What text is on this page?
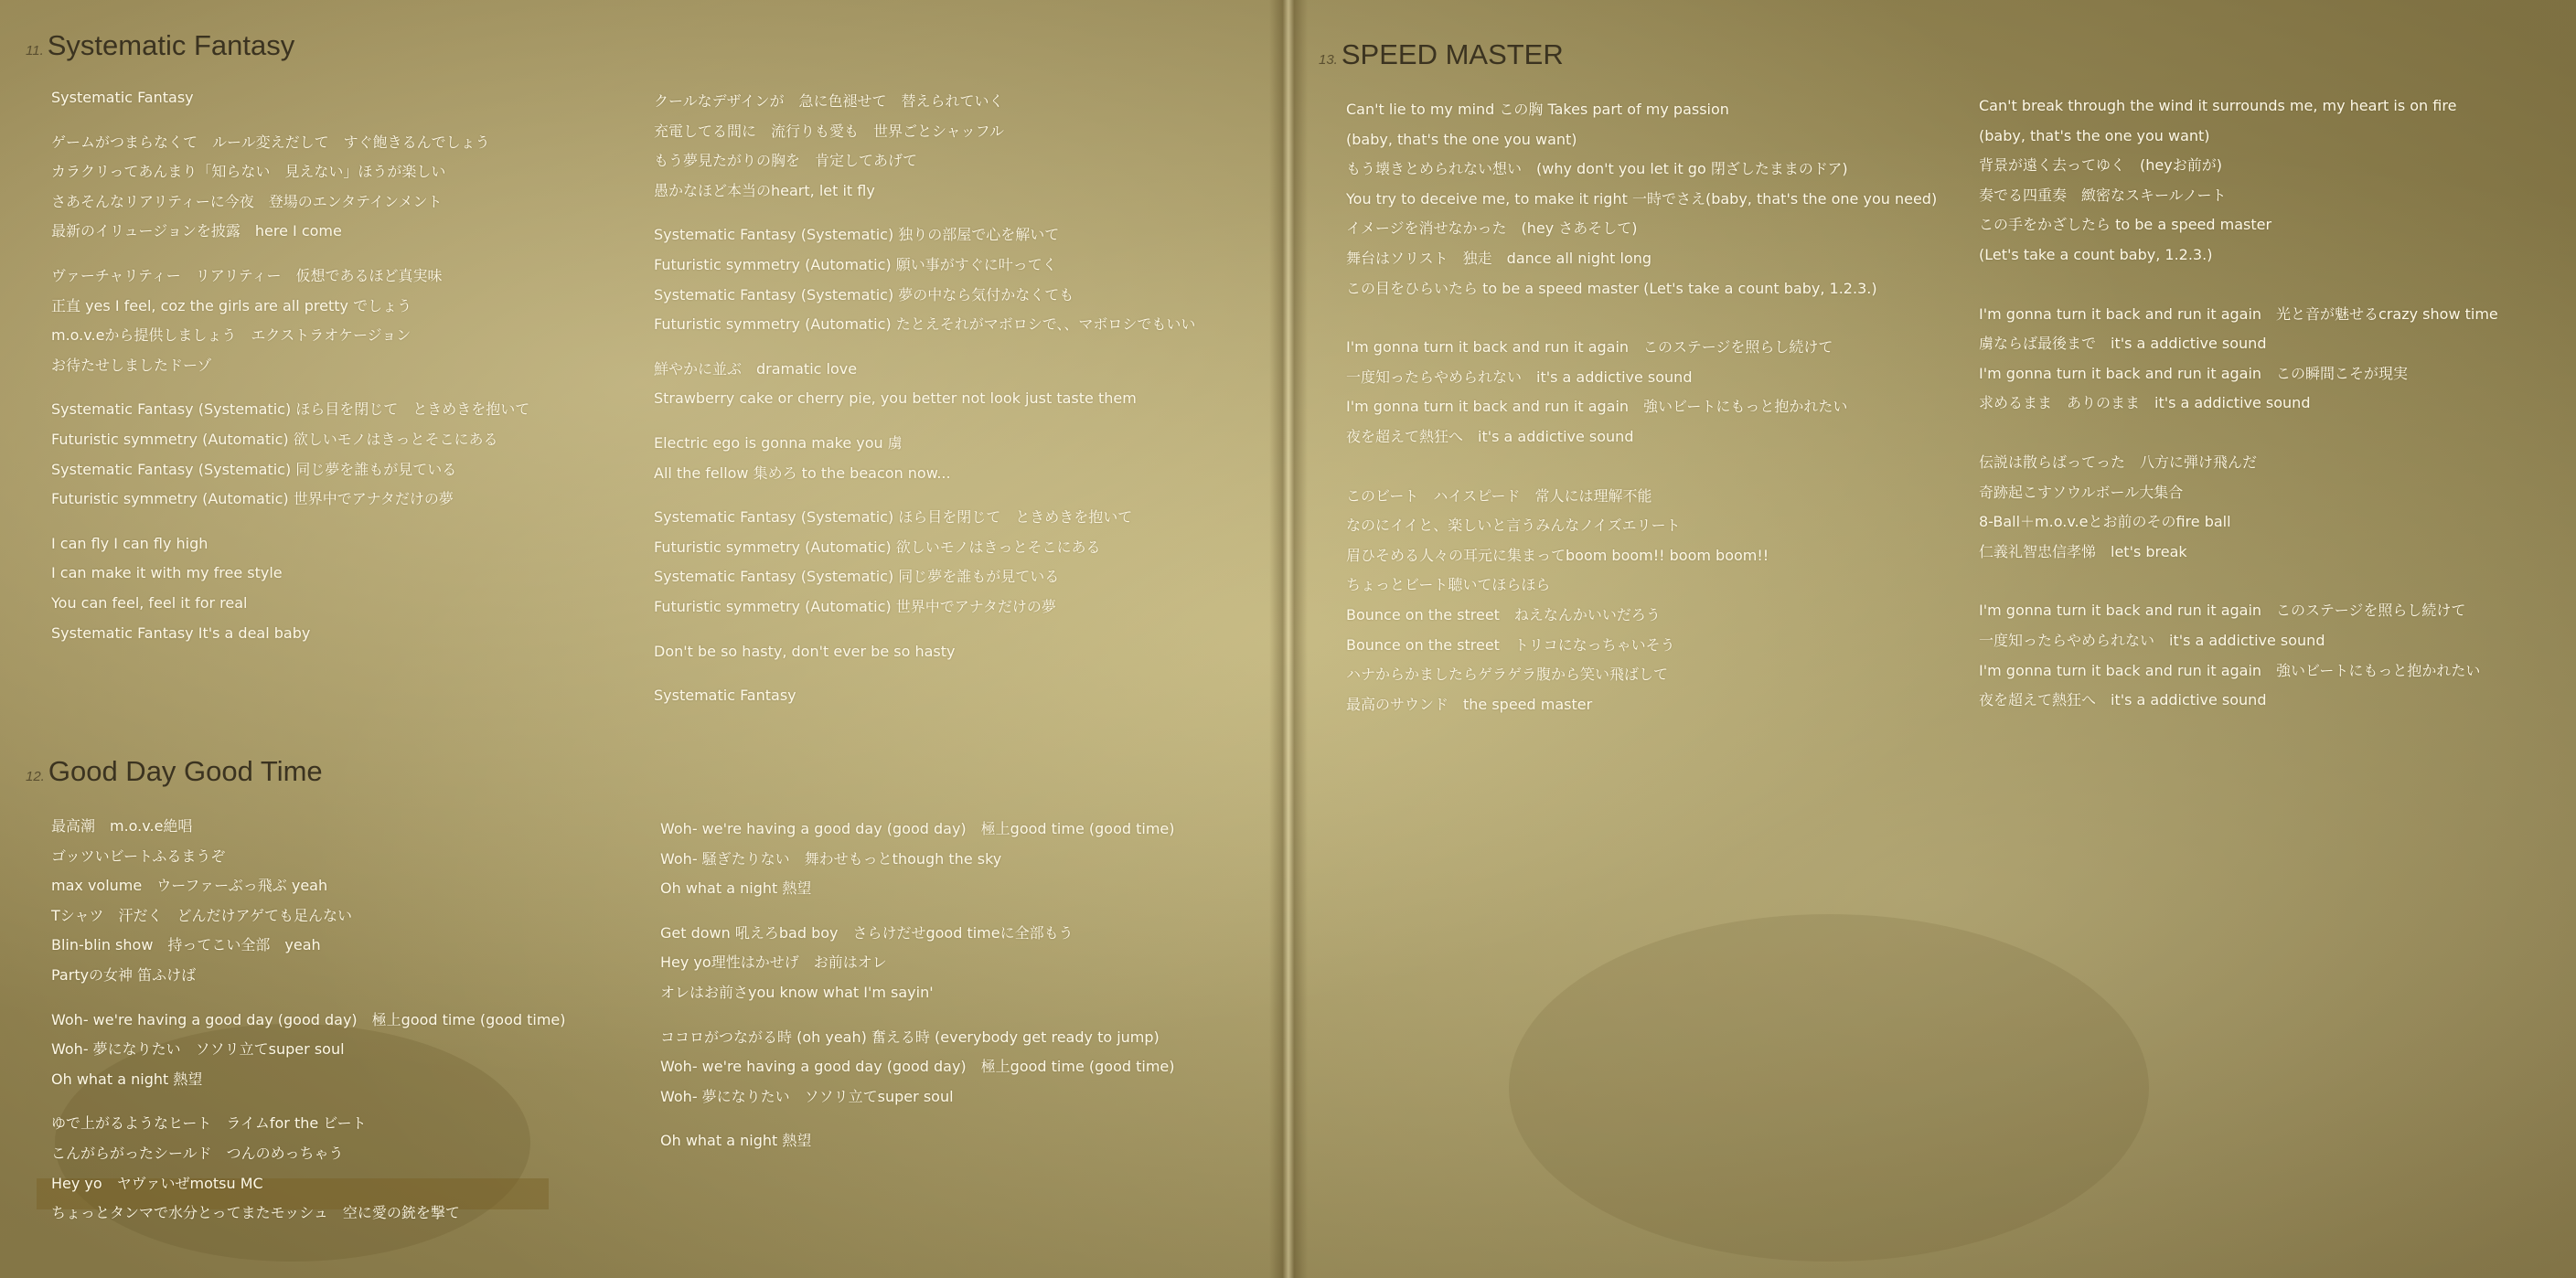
11. Systematic Fantasy
Systematic Fantasy
ゲームがつまらなくて　ルール変えだして　すぐ飽きるんでしょう
カラクリってあんまり「知らない　見えない」ほうが楽しい
さあそんなリアリティーに今夜　登場のエンタテインメント
最新のイリュージョンを披露　here I come
ヴァーチャリティー　リアリティー　仮想であるほど真実味
正直 yes I feel, coz the girls are all pretty でしょう
m.o.v.eから提供しましょう　エクストラオケージョン
お待たせしましたドーゾ
Systematic Fantasy (Systematic) ほら目を閉じて　ときめきを抱いて
Futuristic symmetry (Automatic) 欲しいモノはきっとそこにある
Systematic Fantasy (Systematic) 同じ夢を誰もが見ている
Futuristic symmetry (Automatic) 世界中でアナタだけの夢
I can fly I can fly high
I can make it with my free style
You can feel, feel it for real
Systematic Fantasy It's a deal baby
クールなデザインが　急に色褪せて　替えられていく
充電してる間に　流行りも愛も　世界ごとシャッフル
もう夢見たがりの胸を　肯定してあげて
愚かなほど本当のheart, let it fly
Systematic Fantasy (Systematic) 独りの部屋で心を解いて
Futuristic symmetry (Automatic) 願い事がすぐに叶ってく
Systematic Fantasy (Systematic) 夢の中なら気付かなくても
Futuristic symmetry (Automatic) たとえそれがマボロシで、、マボロシでもいい
鮮やかに並ぶ　dramatic love
Strawberry cake or cherry pie, you better not look just taste them
Electric ego is gonna make you 虜
All the fellow 集めろ to the beacon now...
Systematic Fantasy (Systematic) ほら目を閉じて　ときめきを抱いて
Futuristic symmetry (Automatic) 欲しいモノはきっとそこにある
Systematic Fantasy (Systematic) 同じ夢を誰もが見ている
Futuristic symmetry (Automatic) 世界中でアナタだけの夢
Don't be so hasty, don't ever be so hasty
Systematic Fantasy
12. Good Day Good Time
最高潮　m.o.v.e絶唱
ゴッツいビートふるまうぞ
max volume　ウーファーぶっ飛ぶ yeah
Tシャツ　汗だく　どんだけアゲても足んない
Blin-blin show　持ってこい全部　yeah
Partyの女神 笛ふけば
Woh- we're having a good day (good day)　極上good time (good time)
Woh- 夢になりたい　ソソリ立てsuper soul
Oh what a night 熱望
ゆで上がるようなヒート　ライムfor the ビート
こんがらがったシールド　つんのめっちゃう
Hey yo　ヤヴァいぜmotsu MC
ちょっとタンマで水分とってまたモッシュ　空に愛の銃を撃て
Woh- we're having a good day (good day)　極上good time (good time)
Woh- 騒ぎたりない　舞わせもっとthough the sky
Oh what a night 熱望
Get down 吼えろbad boy　さらけだせgood timeに全部もう
Hey yo理性はかせげ　お前はオレ
オレはお前さyou know what I'm sayin'
ココロがつながる時 (oh yeah) 奮える時 (everybody get ready to jump)
Woh- we're having a good day (good day)　極上good time (good time)
Woh- 夢になりたい　ソソリ立てsuper soul
Oh what a night 熱望
13. SPEED MASTER
Can't lie to my mind この胸 Takes part of my passion
(baby, that's the one you want)
もう壊きとめられない想い　(why don't you let it go 閉ざしたままのドア)
You try to deceive me, to make it right 一時でさえ(baby, that's the one you need)
イメージを消せなかった　(hey さあそして)
舞台はソリスト　独走　dance all night long
この目をひらいたら to be a speed master (Let's take a count baby, 1.2.3.)
I'm gonna turn it back and run it again　このステージを照らし続けて
一度知ったらやめられない　it's a addictive sound
I'm gonna turn it back and run it again　強いビートにもっと抱かれたい
夜を超えて熱狂へ　it's a addictive sound
このビート　ハイスピード　常人には理解不能
なのにイイと、楽しいと言うみんなノイズエリート
眉ひそめる人々の耳元に集まってboom boom!! boom boom!!
ちょっとビート聴いてほらほら
Bounce on the street　ねえなんかいいだろう
Bounce on the street　トリコになっちゃいそう
ハナからかましたらゲラゲラ腹から笑い飛ばして
最高のサウンド　the speed master
Can't break through the wind it surrounds me, my heart is on fire
(baby, that's the one you want)
背景が遠く去ってゆく　(heyお前が)
奏でる四重奏　緻密なスキールノート
この手をかざしたら to be a speed master
(Let's take a count baby, 1.2.3.)
I'm gonna turn it back and run it again　光と音が魅せるcrazy show time
虜ならば最後まで　it's a addictive sound
I'm gonna turn it back and run it again　この瞬間こそが現実
求めるまま　ありのまま　it's a addictive sound
伝説は散らばってった　八方に弾け飛んだ
奇跡起こすソウルボール大集合
8-Ball＋m.o.v.eとお前のそのfire ball
仁義礼智忠信孝悌　let's break
I'm gonna turn it back and run it again　このステージを照らし続けて
一度知ったらやめられない　it's a addictive sound
I'm gonna turn it back and run it again　強いビートにもっと抱かれたい
夜を超えて熱狂へ　it's a addictive sound
